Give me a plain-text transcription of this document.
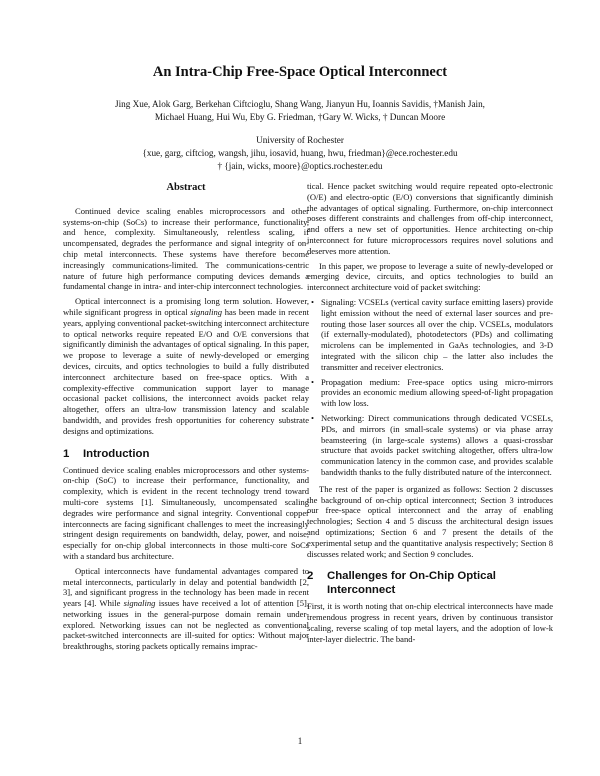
An Intra-Chip Free-Space Optical Interconnect
Jing Xue, Alok Garg, Berkehan Ciftcioglu, Shang Wang, Jianyun Hu, Ioannis Savidis, †Manish Jain,
Michael Huang, Hui Wu, Eby G. Friedman, †Gary W. Wicks, † Duncan Moore
University of Rochester
{xue, garg, ciftciog, wangsh, jihu, iosavid, huang, hwu, friedman}@ece.rochester.edu
† {jain, wicks, moore}@optics.rochester.edu
Abstract

Continued device scaling enables microprocessors and other systems-on-chip (SoCs) to increase their performance, functionality, and hence, complexity. Simultaneously, relentless scaling, if uncompensated, degrades the performance and signal integrity of on-chip metal interconnects. These systems have therefore become increasingly communications-limited. The communications-centric nature of future high performance computing devices demands a fundamental change in intra- and inter-chip interconnect technologies.

Optical interconnect is a promising long term solution. However, while significant progress in optical signaling has been made in recent years, applying conventional packet-switching interconnect architecture to optical networks require repeated E/O and O/E conversions that significantly diminish the advantages of optical signaling. In this paper, we propose to leverage a suite of newly-developed or emerging devices, circuits, and optics technologies to build a fully distributed interconnect architecture based on free-space optics. With a complexity-effective communication support layer to manage occasional packet collisions, the interconnect avoids packet relay altogether, offers an ultra-low transmission latency and scalable bandwidth, and provides fresh opportunities for coherency substrate designs and optimizations.

1	Introduction

Continued device scaling enables microprocessors and other systems-on-chip (SoC) to increase their performance, functionality, and complexity, which is evident in the recent technology trend toward multi-core systems [1]. Simultaneously, uncompensated scaling degrades wire performance and signal integrity. Conventional copper interconnects are facing significant challenges to meet the increasingly stringent design requirements on bandwidth, delay, power, and noise, especially for on-chip global interconnects in those multi-core SoCs with a standard bus architecture.

Optical interconnects have fundamental advantages compared to metal interconnects, particularly in delay and potential bandwidth [2, 3], and significant progress in the technology has been made in recent years [4]. While signaling issues have received a lot of attention [5], networking issues in the general-purpose domain remain under-explored. Networking issues can not be neglected as conventional packet-switched interconnects are ill-suited for optics: Without major breakthroughs, storing packets optically remains imprac-

tical. Hence packet switching would require repeated opto-electronic (O/E) and electro-optic (E/O) conversions that significantly diminish the advantages of optical signaling. Furthermore, on-chip interconnect poses different constraints and challenges from off-chip interconnect, and offers a new set of opportunities. Hence architecting on-chip interconnect for future microprocessors requires novel solutions and deserves more attention.

In this paper, we propose to leverage a suite of newly-developed or emerging device, circuits, and optics technologies to build an interconnect architecture void of packet switching:

• Signaling: VCSELs (vertical cavity surface emitting lasers) provide light emission without the need of external laser sources and pre-routing those laser sources all over the chip. VCSELs, modulators (if externally-modulated), photodetectors (PDs) and collimating microlens can be implemented in GaAs technologies, and 3-D integrated with the silicon chip – the latter also includes the transmitter and receiver electronics.
• Propagation medium: Free-space optics using micro-mirrors provides an economic medium allowing speed-of-light propagation with low loss.
• Networking: Direct communications through dedicated VCSELs, PDs, and mirrors (in small-scale systems) or via phase array beamsteering (in large-scale systems) allows a quasi-crossbar structure that avoids packet switching altogether, offers ultra-low communication latency in the common case, and provides scalable bandwidth thanks to the fully distributed nature of the interconnect.

The rest of the paper is organized as follows: Section 2 discusses the background of on-chip optical interconnect; Section 3 introduces our free-space optical interconnect and the array of enabling technologies; Section 4 and 5 discuss the architectural design issues and optimizations; Section 6 and 7 present the details of the experimental setup and the quantitative analysis respectively; Section 8 discusses related work; and Section 9 concludes.

2	Challenges for On-Chip Optical
Interconnect

First, it is worth noting that on-chip electrical interconnects have made tremendous progress in recent years, driven by continuous transistor scaling, reverse scaling of top metal layers, and the adoption of low-k inter-layer dielectric. The band-

1
